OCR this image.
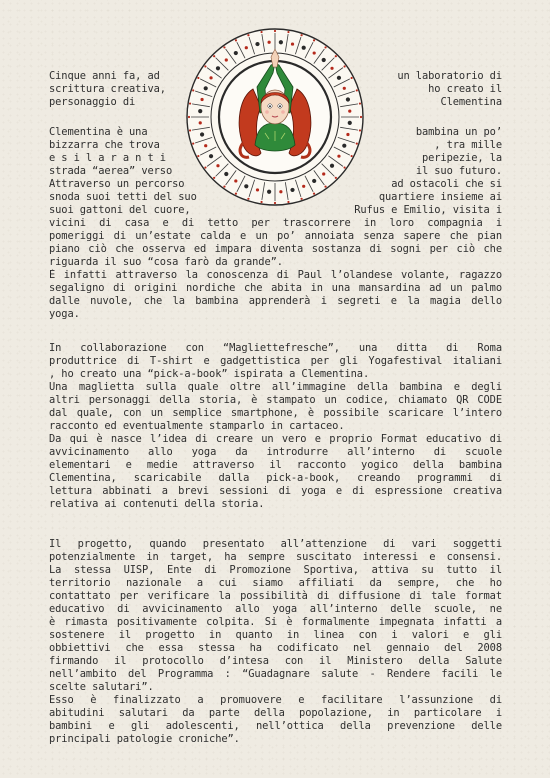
Cinque anni fa, ad	un laboratorio di
scrittura creativa,	ho creato il
personaggio di	Clementina
Clementina è una	bambina un po’
bizzarra che trova	, tra mille
e s i l a r a n t i	peripezie, la
strada “aerea” verso	il suo futuro.
Attraverso un percorso	ad ostacoli che si
snoda suoi tetti del suo	quartiere insieme ai
suoi gattoni del cuore,	Rufus e Emilio, visita i
vicini di casa e di tetto per trascorrere in loro compagnia i
pomeriggi di un’estate calda e un po’ annoiata senza sapere che pian
piano ciò che osserva ed impara diventa sostanza di sogni per ciò che
riguarda il suo “cosa farò da grande”.
È infatti attraverso la conoscenza di Paul l’olandese volante, ragazzo
segaligno di origini nordiche che abita in una mansardina ad un palmo
dalle nuvole, che la bambina apprenderà i segreti e la magia dello
yoga.
In collaborazione con “Magliettefresche”, una ditta di Roma
produttrice di T-shirt e gadgettistica per gli Yogafestival italiani
, ho creato una “pick-a-book” ispirata a Clementina.
Una maglietta sulla quale oltre all’immagine della bambina e degli
altri personaggi della storia, è stampato un codice, chiamato QR CODE
dal quale, con un semplice smartphone, è possibile scaricare l’intero
racconto ed eventualmente stamparlo in cartaceo.
Da qui è nasce l’idea di creare un vero e proprio Format educativo di
avvicinamento allo yoga da introdurre all’interno di scuole
elementari e medie attraverso il racconto yogico della bambina
Clementina, scaricabile dalla pick-a-book, creando programmi di
lettura abbinati a brevi sessioni di yoga e di espressione creativa
relativa ai contenuti della storia.
Il progetto, quando presentato all’attenzione di vari soggetti
potenzialmente in target, ha sempre suscitato interessi e consensi.
La stessa UISP, Ente di Promozione Sportiva, attiva su tutto il
territorio nazionale a cui siamo affiliati da sempre, che ho
contattato per verificare la possibilità di diffusione di tale format
educativo di avvicinamento allo yoga all’interno delle scuole, ne
è rimasta positivamente colpita. Si è formalmente impegnata infatti a
sostenere il progetto in quanto in linea con i valori e gli
obbiettivi che essa stessa ha codificato nel gennaio del 2008
firmando il protocollo d’intesa con il Ministero della Salute
nell’ambito del Programma : “Guadagnare salute - Rendere facili le
scelte salutari”.
Esso è finalizzato a promuovere e facilitare l’assunzione di
abitudini salutari da parte della popolazione, in particolare i
bambini e gli adolescenti, nell’ottica della prevenzione delle
principali patologie croniche”.
